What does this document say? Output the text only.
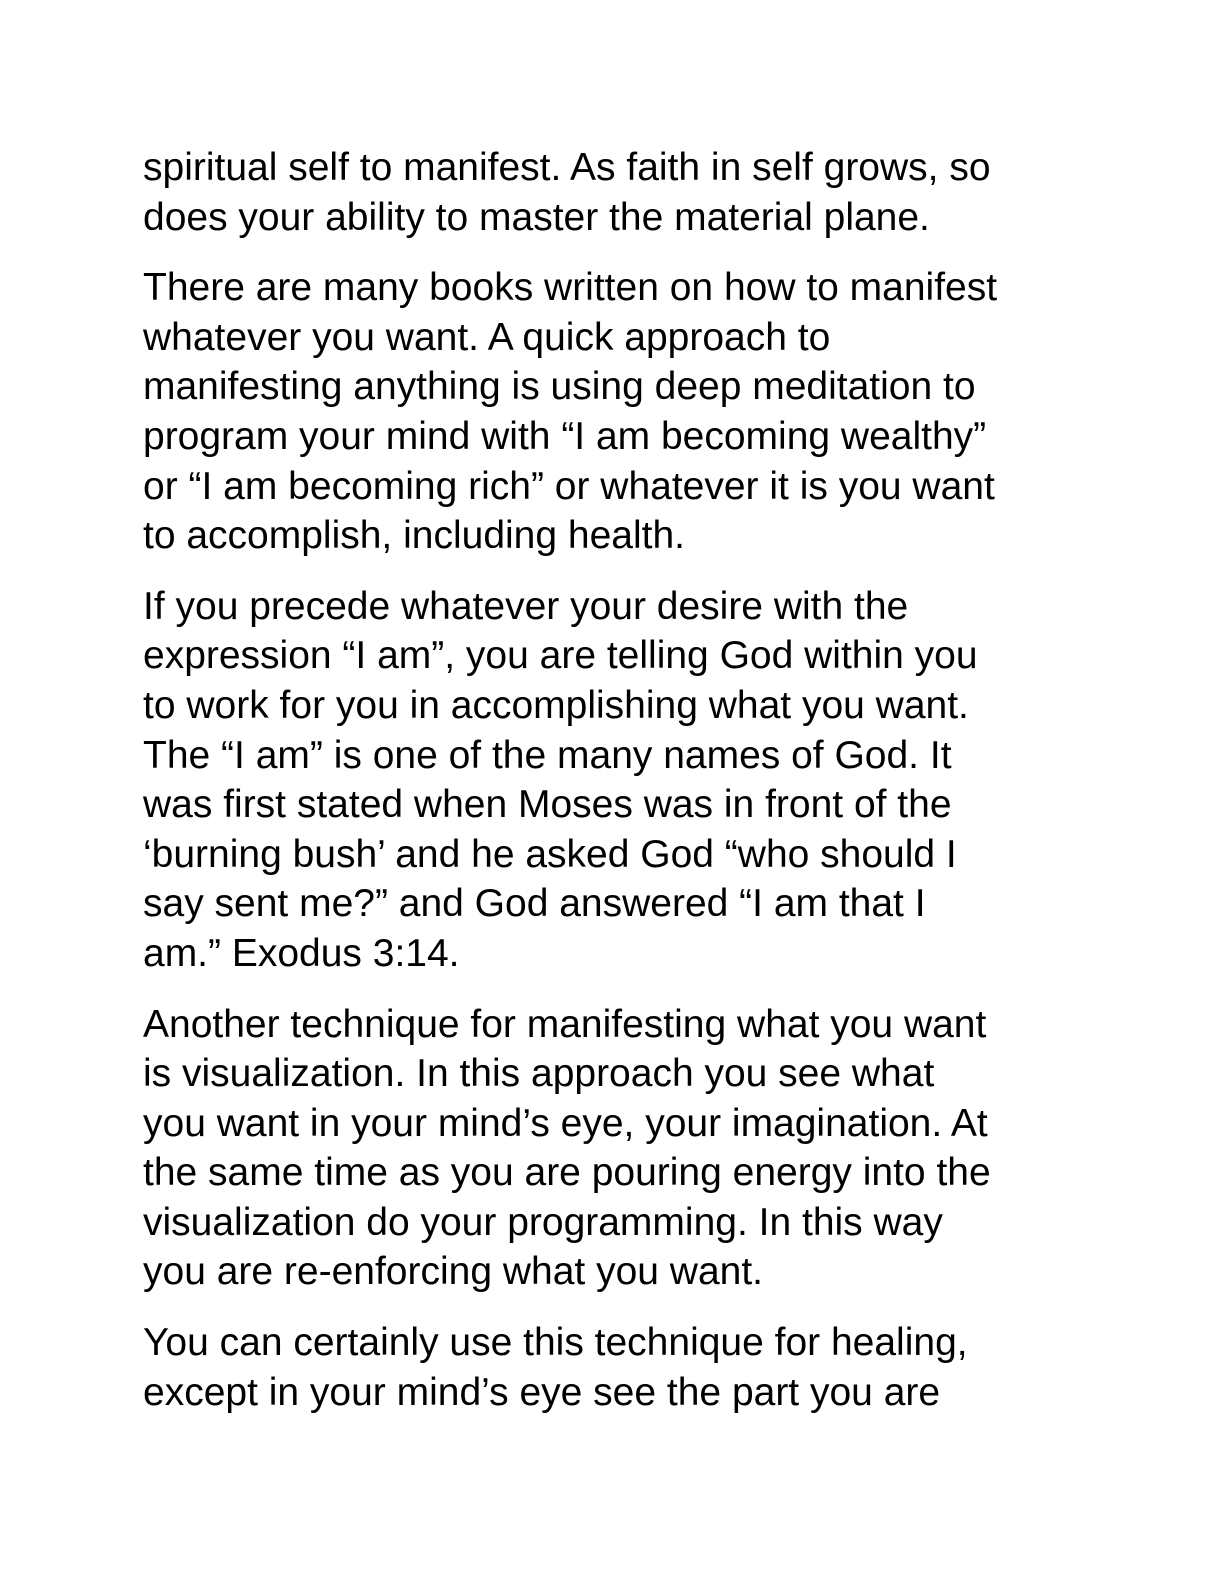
spiritual self to manifest. As faith in self grows, so
does your ability to master the material plane.

There are many books written on how to manifest
whatever you want. A quick approach to
manifesting anything is using deep meditation to
program your mind with “I am becoming wealthy”
or “I am becoming rich” or whatever it is you want
to accomplish, including health.

If you precede whatever your desire with the
expression “I am”, you are telling God within you
to work for you in accomplishing what you want.
The “I am” is one of the many names of God. It
was first stated when Moses was in front of the
‘burning bush’ and he asked God “who should I
say sent me?” and God answered “I am that I
am.” Exodus 3:14.

Another technique for manifesting what you want
is visualization. In this approach you see what
you want in your mind’s eye, your imagination. At
the same time as you are pouring energy into the
visualization do your programming. In this way
you are re-enforcing what you want.

You can certainly use this technique for healing,
except in your mind’s eye see the part you are
